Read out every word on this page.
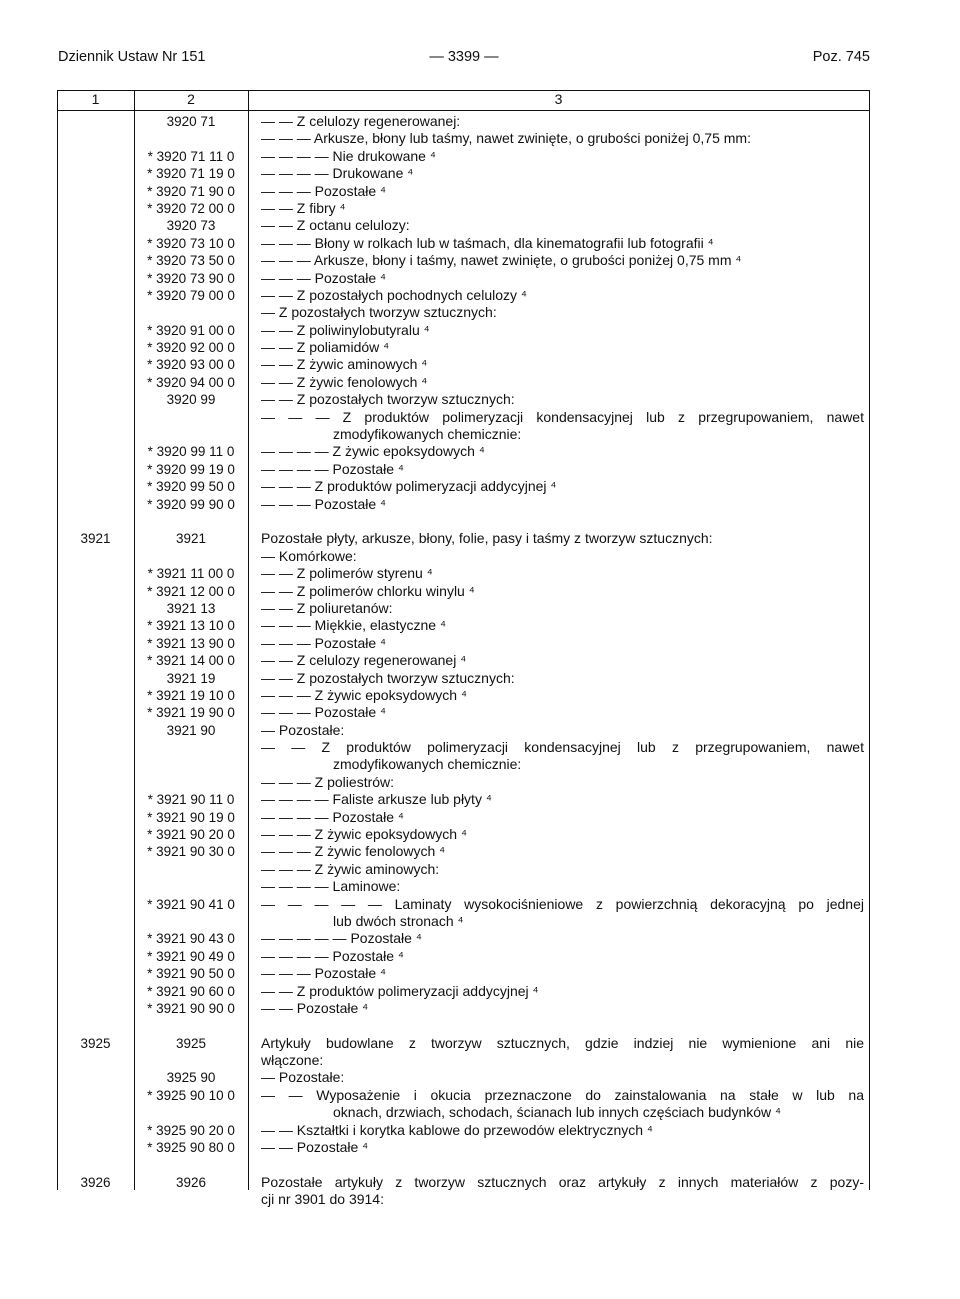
Dziennik Ustaw Nr 151	— 3399 —	Poz. 745
1	2	3
3920 71	— — Z celulozy regenerowanej:
— — — Arkusze, błony lub taśmy, nawet zwinięte, o grubości poniżej 0,75 mm:
* 3920 71 11 0	— — — — Nie drukowane ⁴
* 3920 71 19 0	— — — — Drukowane ⁴
* 3920 71 90 0	— — — Pozostałe ⁴
* 3920 72 00 0	— — Z fibry ⁴
3920 73	— — Z octanu celulozy:
* 3920 73 10 0	— — — Błony w rolkach lub w taśmach, dla kinematografii lub fotografii ⁴
* 3920 73 50 0	— — — Arkusze, błony i taśmy, nawet zwinięte, o grubości poniżej 0,75 mm ⁴
* 3920 73 90 0	— — — Pozostałe ⁴
* 3920 79 00 0	— — Z pozostałych pochodnych celulozy ⁴
— Z pozostałych tworzyw sztucznych:
* 3920 91 00 0	— — Z poliwinylobutyralu ⁴
* 3920 92 00 0	— — Z poliamidów ⁴
* 3920 93 00 0	— — Z żywic aminowych ⁴
* 3920 94 00 0	— — Z żywic fenolowych ⁴
3920 99	— — Z pozostałych tworzyw sztucznych:
— — — Z produktów polimeryzacji kondensacyjnej lub z przegrupowaniem, nawet
zmodyfikowanych chemicznie:
* 3920 99 11 0	— — — — Z żywic epoksydowych ⁴
* 3920 99 19 0	— — — — Pozostałe ⁴
* 3920 99 50 0	— — — Z produktów polimeryzacji addycyjnej ⁴
* 3920 99 90 0	— — — Pozostałe ⁴
3921	3921	Pozostałe płyty, arkusze, błony, folie, pasy i taśmy z tworzyw sztucznych:
— Komórkowe:
* 3921 11 00 0	— — Z polimerów styrenu ⁴
* 3921 12 00 0	— — Z polimerów chlorku winylu ⁴
3921 13	— — Z poliuretanów:
* 3921 13 10 0	— — — Miękkie, elastyczne ⁴
* 3921 13 90 0	— — — Pozostałe ⁴
* 3921 14 00 0	— — Z celulozy regenerowanej ⁴
3921 19	— — Z pozostałych tworzyw sztucznych:
* 3921 19 10 0	— — — Z żywic epoksydowych ⁴
* 3921 19 90 0	— — — Pozostałe ⁴
3921 90	— Pozostałe:
— — Z produktów polimeryzacji kondensacyjnej lub z przegrupowaniem, nawet
zmodyfikowanych chemicznie:
— — — Z poliestrów:
* 3921 90 11 0	— — — — Faliste arkusze lub płyty ⁴
* 3921 90 19 0	— — — — Pozostałe ⁴
* 3921 90 20 0	— — — Z żywic epoksydowych ⁴
* 3921 90 30 0	— — — Z żywic fenolowych ⁴
— — — Z żywic aminowych:
— — — — Laminowe:
* 3921 90 41 0	— — — — — Laminaty wysokociśnieniowe z powierzchnią dekoracyjną po jednej
lub dwóch stronach ⁴
* 3921 90 43 0	— — — — — Pozostałe ⁴
* 3921 90 49 0	— — — — Pozostałe ⁴
* 3921 90 50 0	— — — Pozostałe ⁴
* 3921 90 60 0	— — Z produktów polimeryzacji addycyjnej ⁴
* 3921 90 90 0	— — Pozostałe ⁴
3925	3925	Artykuły budowlane z tworzyw sztucznych, gdzie indziej nie wymienione ani nie
włączone:
3925 90	— Pozostałe:
* 3925 90 10 0	— — Wyposażenie i okucia przeznaczone do zainstalowania na stałe w lub na
oknach, drzwiach, schodach, ścianach lub innych częściach budynków ⁴
* 3925 90 20 0	— — Kształtki i korytka kablowe do przewodów elektrycznych ⁴
* 3925 90 80 0	— — Pozostałe ⁴
3926	3926	Pozostałe artykuły z tworzyw sztucznych oraz artykuły z innych materiałów z pozy-
cji nr 3901 do 3914:
